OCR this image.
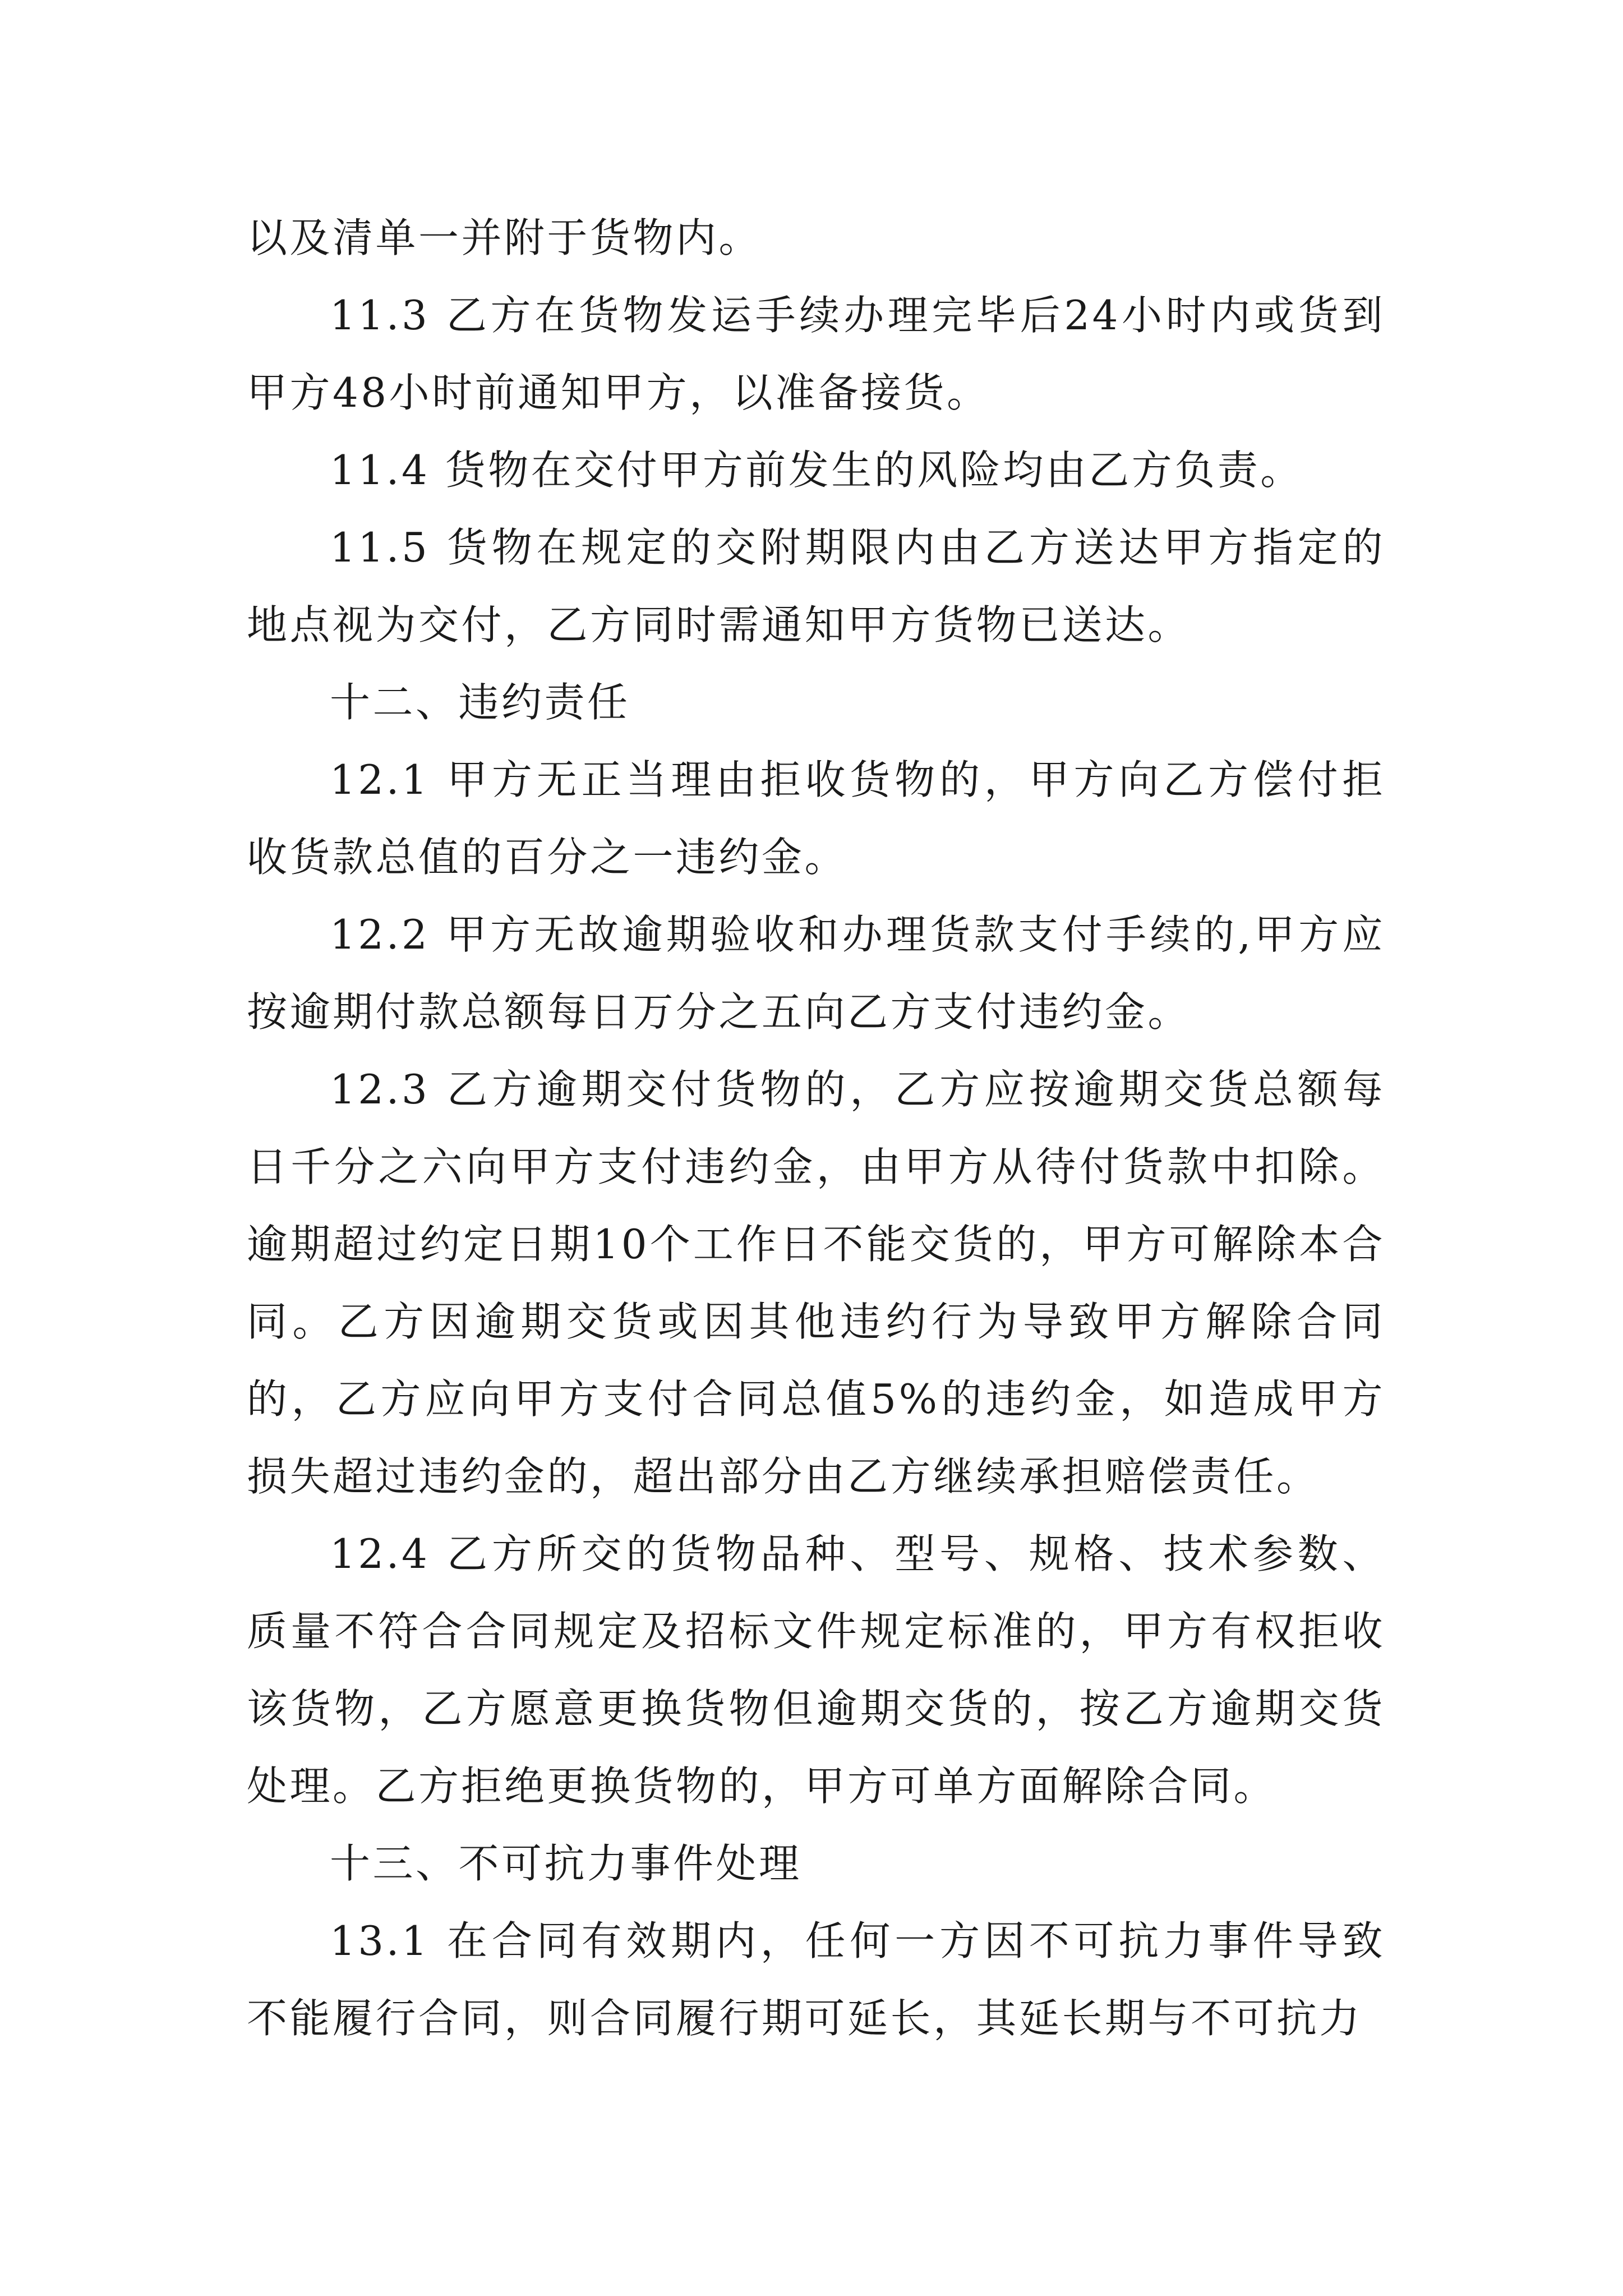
以及清单一并附于货物内。

11.3 乙方在货物发运手续办理完毕后24小时内或货到甲方48小时前通知甲方，以准备接货。

11.4 货物在交付甲方前发生的风险均由乙方负责。

11.5 货物在规定的交附期限内由乙方送达甲方指定的地点视为交付，乙方同时需通知甲方货物已送达。

十二、违约责任

12.1 甲方无正当理由拒收货物的，甲方向乙方偿付拒收货款总值的百分之一违约金。

12.2 甲方无故逾期验收和办理货款支付手续的,甲方应按逾期付款总额每日万分之五向乙方支付违约金。

12.3 乙方逾期交付货物的，乙方应按逾期交货总额每日千分之六向甲方支付违约金，由甲方从待付货款中扣除。逾期超过约定日期10个工作日不能交货的，甲方可解除本合同。乙方因逾期交货或因其他违约行为导致甲方解除合同的，乙方应向甲方支付合同总值5%的违约金，如造成甲方损失超过违约金的，超出部分由乙方继续承担赔偿责任。

12.4 乙方所交的货物品种、型号、规格、技术参数、质量不符合合同规定及招标文件规定标准的，甲方有权拒收该货物，乙方愿意更换货物但逾期交货的，按乙方逾期交货处理。乙方拒绝更换货物的，甲方可单方面解除合同。

十三、不可抗力事件处理

13.1 在合同有效期内，任何一方因不可抗力事件导致不能履行合同，则合同履行期可延长，其延长期与不可抗力
